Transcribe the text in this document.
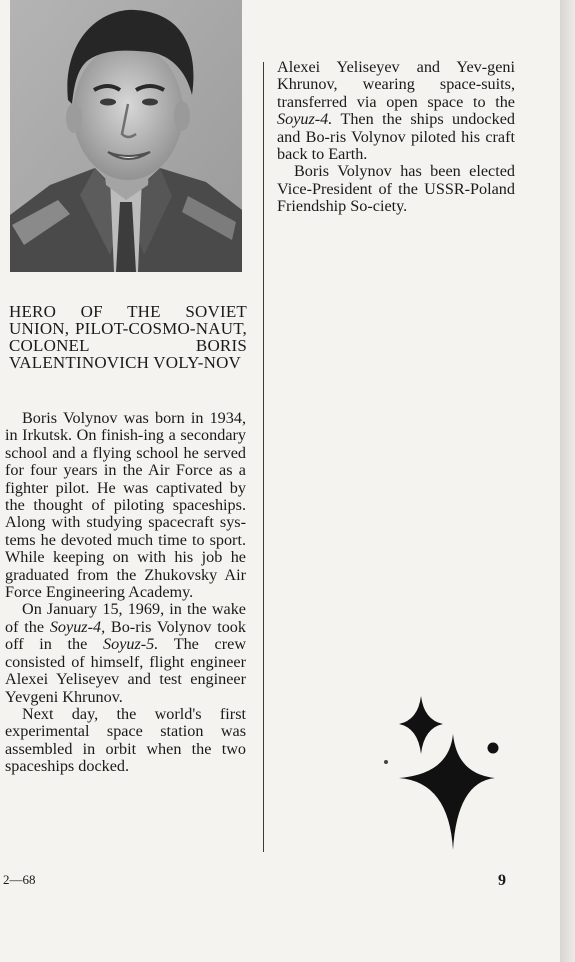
HERO OF THE SOVIET UNION, PILOT-COSMO-NAUT, COLONEL BORIS VALENTINOVICH VOLY-NOV

Boris Volynov was born in 1934, in Irkutsk. On finish-ing a secondary school and a flying school he served for four years in the Air Force as a fighter pilot. He was captivated by the thought of piloting spaceships. Along with studying spacecraft sys-tems he devoted much time to sport. While keeping on with his job he graduated from the Zhukovsky Air Force Engineering Academy.

On January 15, 1969, in the wake of the Soyuz-4, Bo-ris Volynov took off in the Soyuz-5. The crew consisted of himself, flight engineer Alexei Yeliseyev and test engineer Yevgeni Khrunov.

Next day, the world's first experimental space station was assembled in orbit when the two spaceships docked.

Alexei Yeliseyev and Yev-geni Khrunov, wearing space-suits, transferred via open space to the Soyuz-4. Then the ships undocked and Bo-ris Volynov piloted his craft back to Earth.

Boris Volynov has been elected Vice-President of the USSR-Poland Friendship So-ciety.

2—68	9
